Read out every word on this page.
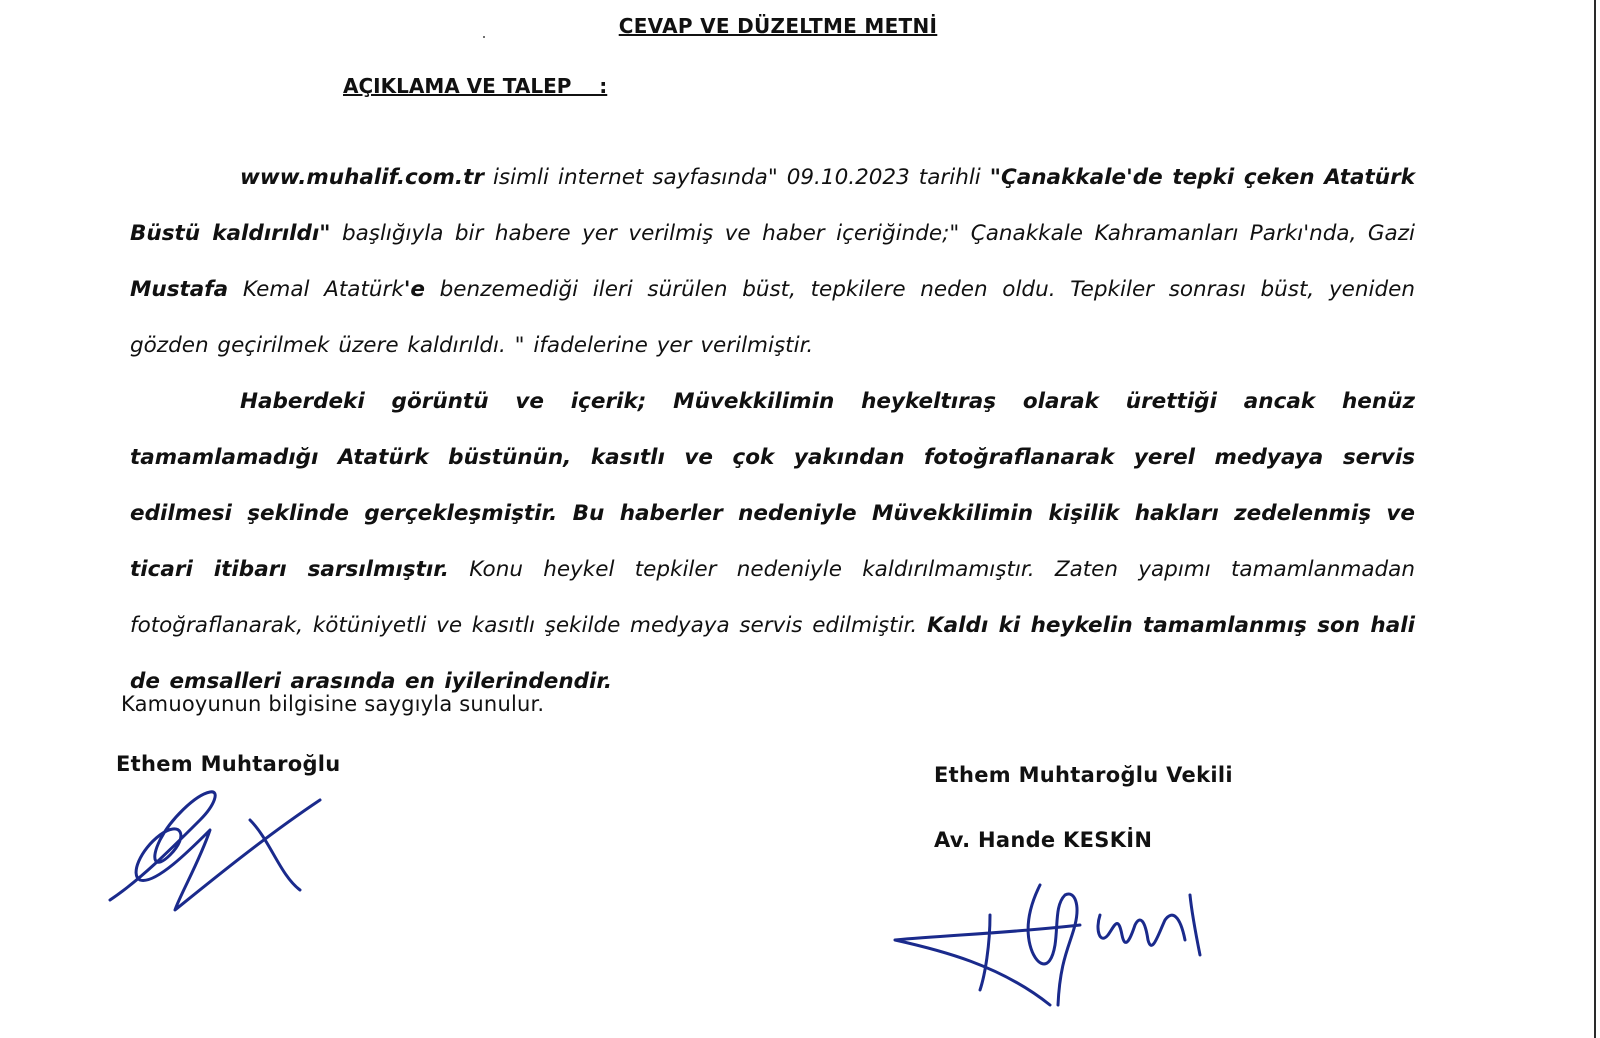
CEVAP VE DÜZELTME METNİ
AÇIKLAMA VE TALEP    :

www.muhalif.com.tr isimli internet sayfasında" 09.10.2023 tarihli "Çanakkale'de tepki çeken Atatürk Büstü kaldırıldı" başlığıyla bir habere yer verilmiş ve haber içeriğinde;" Çanakkale Kahramanları Parkı'nda, Gazi Mustafa Kemal Atatürk'e benzemediği ileri sürülen büst, tepkilere neden oldu. Tepkiler sonrası büst, yeniden gözden geçirilmek üzere kaldırıldı. " ifadelerine yer verilmiştir.

Haberdeki görüntü ve içerik; Müvekkilimin heykeltıraş olarak ürettiği ancak henüz tamamlamadığı Atatürk büstünün, kasıtlı ve çok yakından fotoğraflanarak yerel medyaya servis edilmesi şeklinde gerçekleşmiştir. Bu haberler nedeniyle Müvekkilimin kişilik hakları zedelenmiş ve ticari itibarı sarsılmıştır. Konu heykel tepkiler nedeniyle kaldırılmamıştır. Zaten yapımı tamamlanmadan fotoğraflanarak, kötüniyetli ve kasıtlı şekilde medyaya servis edilmiştir. Kaldı ki heykelin tamamlanmış son hali de emsalleri arasında en iyilerindendir.

Kamuoyunun bilgisine saygıyla sunulur.
Ethem Muhtaroğlu	Ethem Muhtaroğlu Vekili
Av. Hande KESKİN
